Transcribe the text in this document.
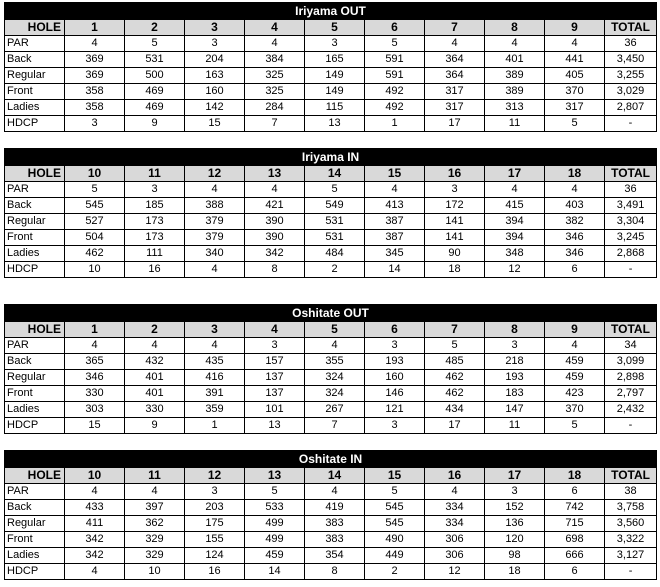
Iriyama OUT										
HOLE	1	2	3	4	5	6	7	8	9	TOTAL
PAR	4	5	3	4	3	5	4	4	4	36
Back	369	531	204	384	165	591	364	401	441	3,450
Regular	369	500	163	325	149	591	364	389	405	3,255
Front	358	469	160	325	149	492	317	389	370	3,029
Ladies	358	469	142	284	115	492	317	313	317	2,807
HDCP	3	9	15	7	13	1	17	11	5	-
Iriyama IN										
HOLE	10	11	12	13	14	15	16	17	18	TOTAL
PAR	5	3	4	4	5	4	3	4	4	36
Back	545	185	388	421	549	413	172	415	403	3,491
Regular	527	173	379	390	531	387	141	394	382	3,304
Front	504	173	379	390	531	387	141	394	346	3,245
Ladies	462	111	340	342	484	345	90	348	346	2,868
HDCP	10	16	4	8	2	14	18	12	6	-
Oshitate OUT										
HOLE	1	2	3	4	5	6	7	8	9	TOTAL
PAR	4	4	4	3	4	3	5	3	4	34
Back	365	432	435	157	355	193	485	218	459	3,099
Regular	346	401	416	137	324	160	462	193	459	2,898
Front	330	401	391	137	324	146	462	183	423	2,797
Ladies	303	330	359	101	267	121	434	147	370	2,432
HDCP	15	9	1	13	7	3	17	11	5	-
Oshitate IN										
HOLE	10	11	12	13	14	15	16	17	18	TOTAL
PAR	4	4	3	5	4	5	4	3	6	38
Back	433	397	203	533	419	545	334	152	742	3,758
Regular	411	362	175	499	383	545	334	136	715	3,560
Front	342	329	155	499	383	490	306	120	698	3,322
Ladies	342	329	124	459	354	449	306	98	666	3,127
HDCP	4	10	16	14	8	2	12	18	6	-
